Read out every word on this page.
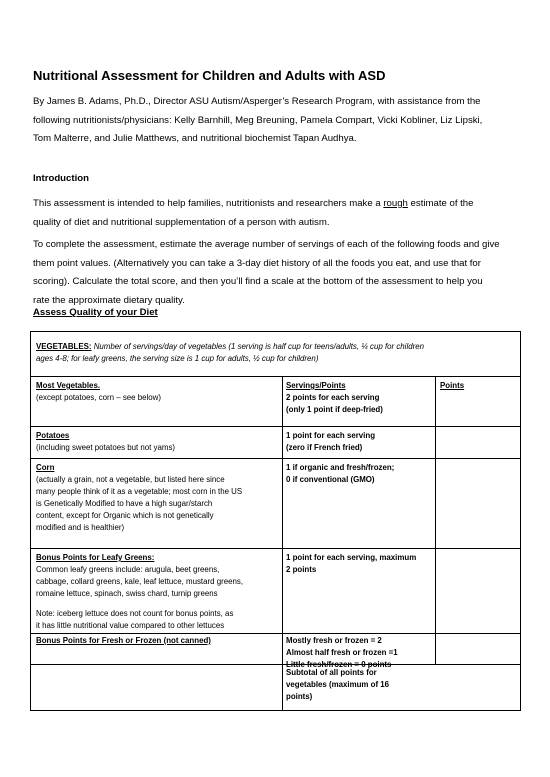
Nutritional Assessment for Children and Adults with ASD
By James B. Adams, Ph.D., Director ASU Autism/Asperger’s Research Program, with assistance from the
following nutritionists/physicians: Kelly Barnhill, Meg Breuning, Pamela Compart, Vicki Kobliner, Liz Lipski,
Tom Malterre, and Julie Matthews, and nutritional biochemist Tapan Audhya.
Introduction
This assessment is intended to help families, nutritionists and researchers make a rough estimate of the
quality of diet and nutritional supplementation of a person with autism.
To complete the assessment, estimate the average number of servings of each of the following foods and give
them point values. (Alternatively you can take a 3-day diet history of all the foods you eat, and use that for
scoring). Calculate the total score, and then you’ll find a scale at the bottom of the assessment to help you
rate the approximate dietary quality.
Assess Quality of your Diet
VEGETABLES: Number of servings/day of vegetables (1 serving is half cup for teens/adults, ¼ cup for children
ages 4-8; for leafy greens, the serving size is 1 cup for adults, ½ cup for children)
Most Vegetables.
(except potatoes, corn – see below)
Servings/Points
2 points for each serving
(only 1 point if deep-fried)
Points
Potatoes
(including sweet potatoes but not yams)
1 point for each serving
(zero if French fried)
Corn
(actually a grain, not a vegetable, but listed here since
many people think of it as a vegetable; most corn in the US
is Genetically Modified to have a high sugar/starch
content, except for Organic which is not genetically
modified and is healthier)
1 if organic and fresh/frozen;
0 if conventional (GMO)
Bonus Points for Leafy Greens:
Common leafy greens include: arugula, beet greens,
cabbage, collard greens, kale, leaf lettuce, mustard greens,
romaine lettuce, spinach, swiss chard, turnip greens
Note: iceberg lettuce does not count for bonus points, as
it has little nutritional value compared to other lettuces
1 point for each serving, maximum
2 points
Bonus Points for Fresh or Frozen (not canned)	Mostly fresh or frozen = 2
Almost half fresh or frozen =1
Little fresh/frozen = 0 points
Subtotal of all points for
vegetables (maximum of 16
points)
